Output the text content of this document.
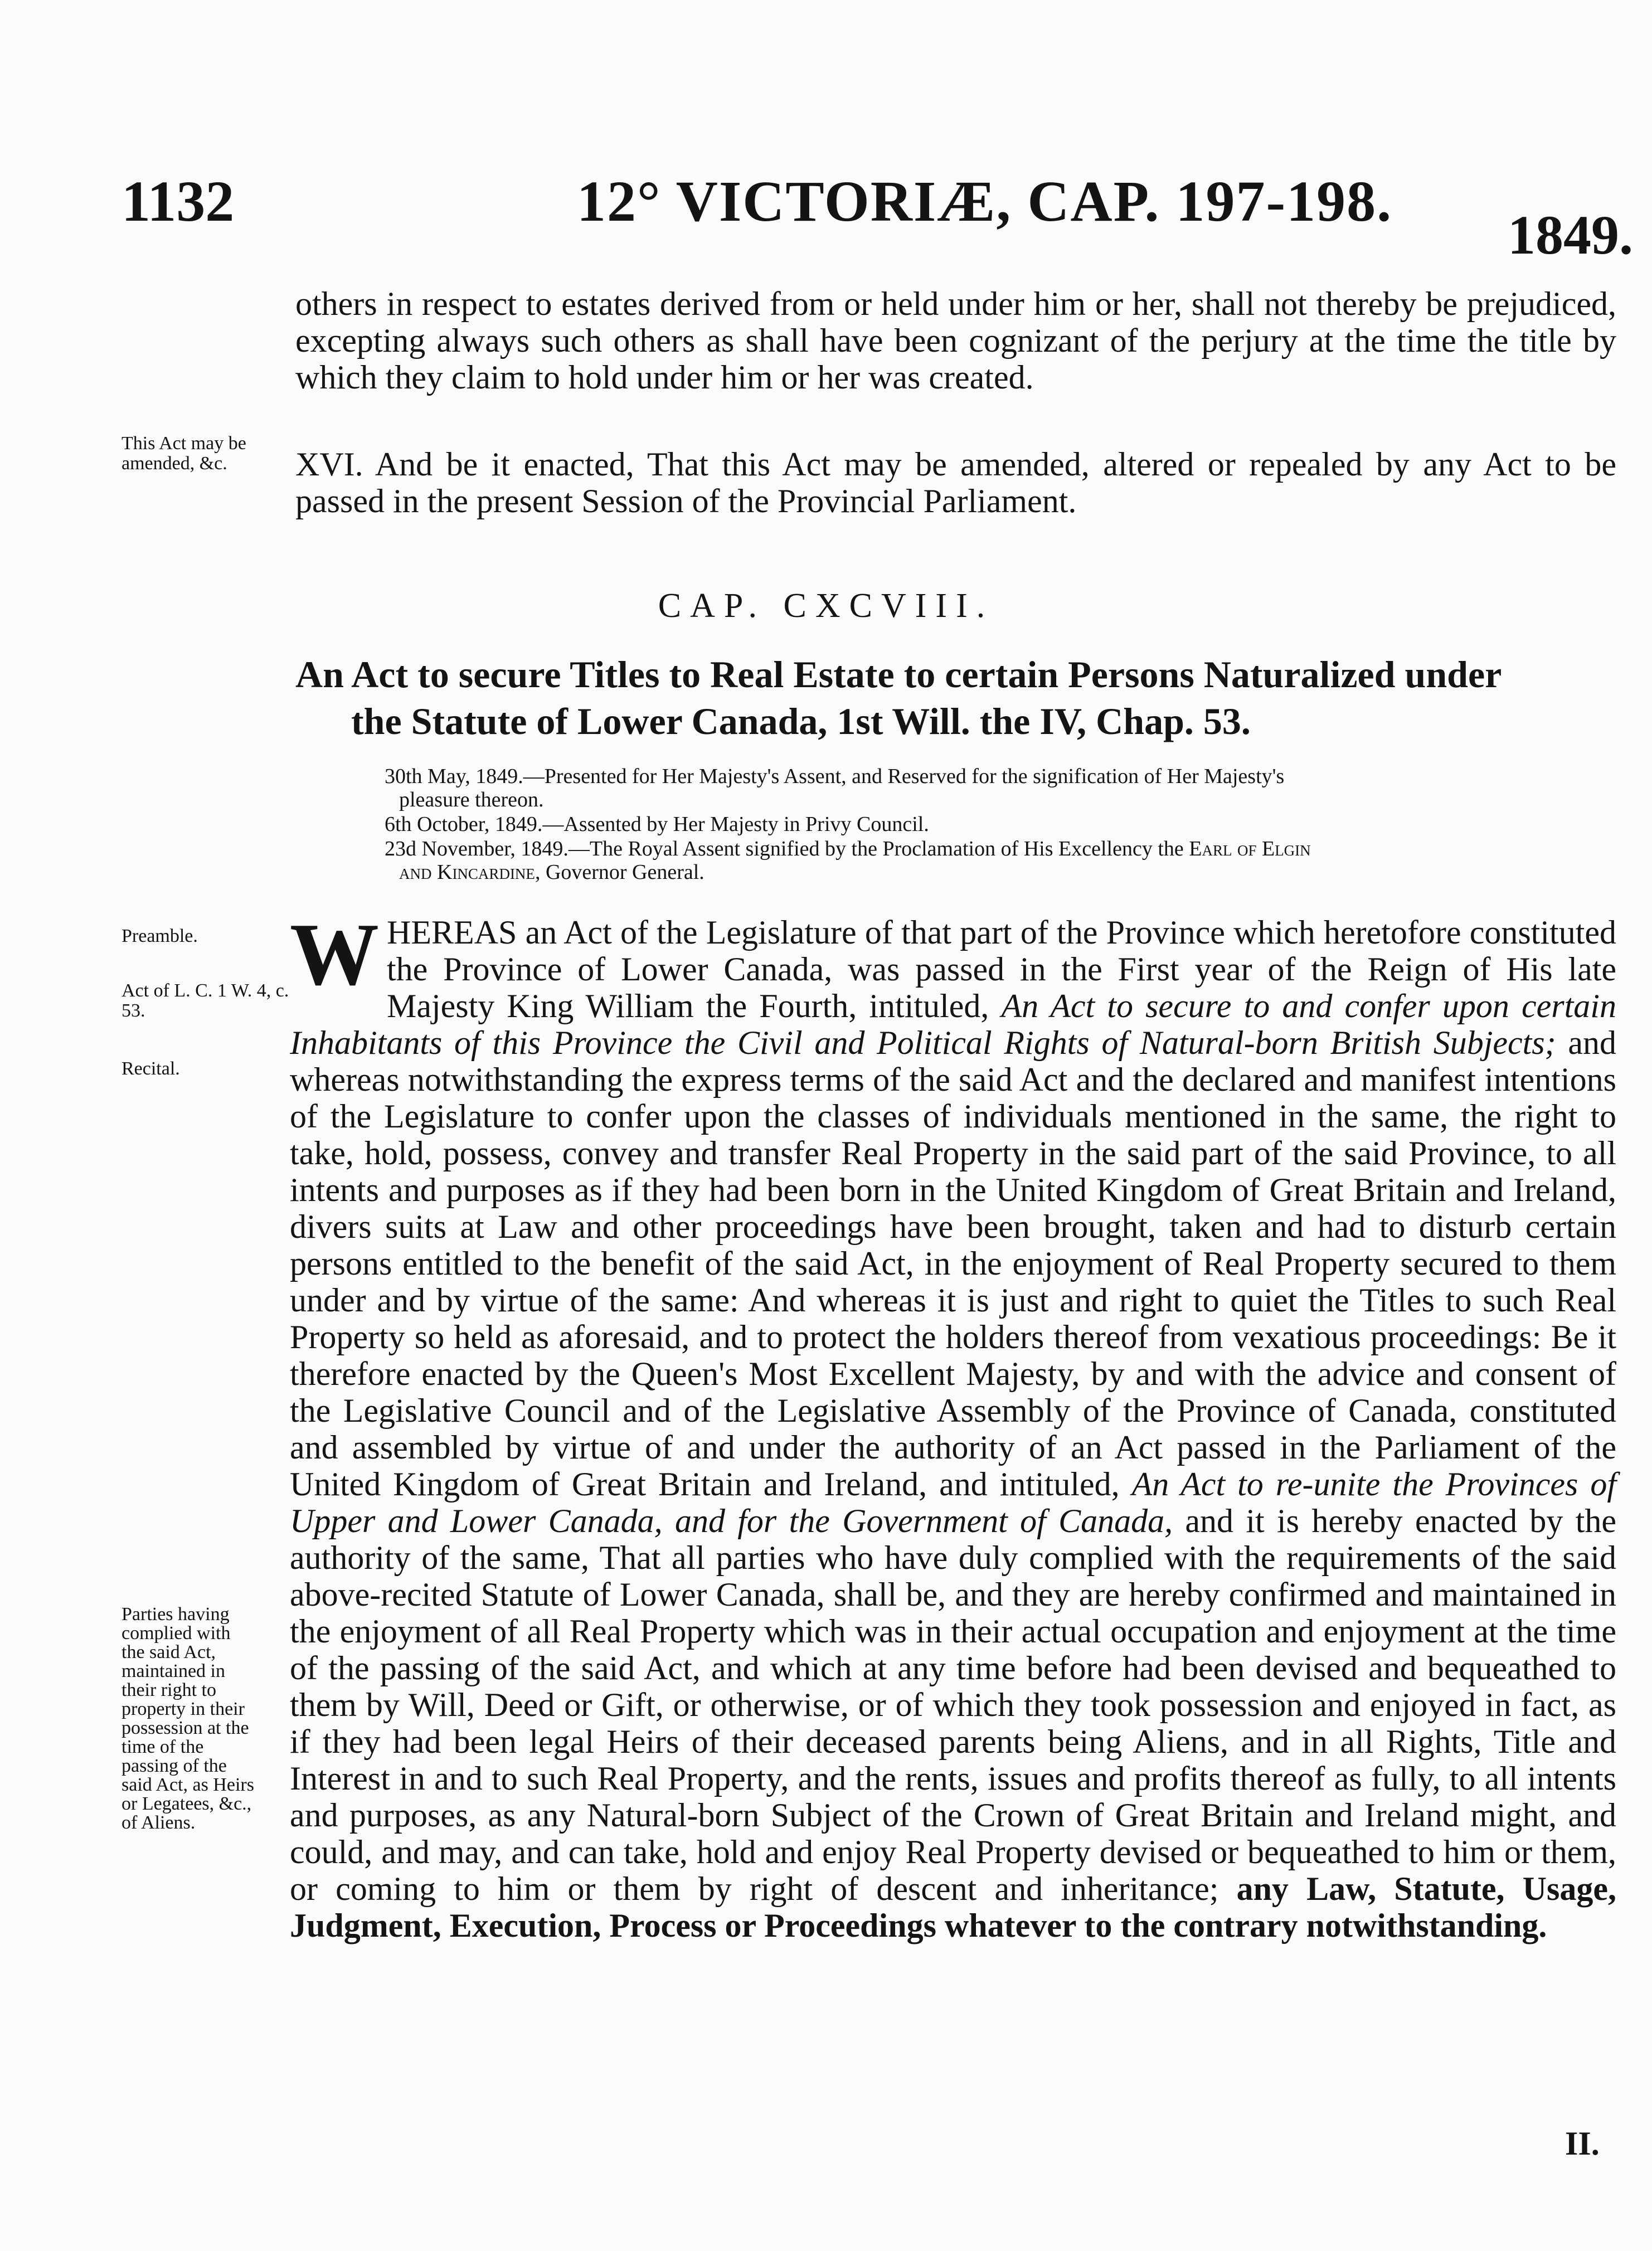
1132	12° VICTORIÆ, CAP. 197-198.
1849.
others in respect to estates derived from or held under him or her, shall not thereby be prejudiced, excepting always such others as shall have been cognizant of the perjury at the time the title by which they claim to hold under him or her was created.
This Act may be amended, &c.	XVI. And be it enacted, That this Act may be amended, altered or repealed by any Act to be passed in the present Session of the Provincial Parliament.
CAP. CXCVIII.
An Act to secure Titles to Real Estate to certain Persons Naturalized under
the Statute of Lower Canada, 1st Will. the IV, Chap. 53.
30th May, 1849.—Presented for Her Majesty's Assent, and Reserved for the signification of Her Majesty's
pleasure thereon.
6th October, 1849.—Assented by Her Majesty in Privy Council.
23d November, 1849.—The Royal Assent signified by the Proclamation of His Excellency the Earl of Elgin
and Kincardine, Governor General.
Preamble.
Act of L. C. 1 W. 4, c. 53.
Recital.
Parties having complied with the said Act, maintained in their right to property in their possession at the time of the passing of the said Act, as Heirs or Legatees, &c., of Aliens.
WHEREAS an Act of the Legislature of that part of the Province which heretofore constituted the Province of Lower Canada, was passed in the First year of the Reign of His late Majesty King William the Fourth, intituled, An Act to secure to and confer upon certain Inhabitants of this Province the Civil and Political Rights of Natural-born British Subjects; and whereas notwithstanding the express terms of the said Act and the declared and manifest intentions of the Legislature to confer upon the classes of individuals mentioned in the same, the right to take, hold, possess, convey and transfer Real Property in the said part of the said Province, to all intents and purposes as if they had been born in the United Kingdom of Great Britain and Ireland, divers suits at Law and other proceedings have been brought, taken and had to disturb certain persons entitled to the benefit of the said Act, in the enjoyment of Real Property secured to them under and by virtue of the same: And whereas it is just and right to quiet the Titles to such Real Property so held as aforesaid, and to protect the holders thereof from vexatious proceedings: Be it therefore enacted by the Queen's Most Excellent Majesty, by and with the advice and consent of the Legislative Council and of the Legislative Assembly of the Province of Canada, constituted and assembled by virtue of and under the authority of an Act passed in the Parliament of the United Kingdom of Great Britain and Ireland, and intituled, An Act to re-unite the Provinces of Upper and Lower Canada, and for the Government of Canada, and it is hereby enacted by the authority of the same, That all parties who have duly complied with the requirements of the said above-recited Statute of Lower Canada, shall be, and they are hereby confirmed and maintained in the enjoyment of all Real Property which was in their actual occupation and enjoyment at the time of the passing of the said Act, and which at any time before had been devised and bequeathed to them by Will, Deed or Gift, or otherwise, or of which they took possession and enjoyed in fact, as if they had been legal Heirs of their deceased parents being Aliens, and in all Rights, Title and Interest in and to such Real Property, and the rents, issues and profits thereof as fully, to all intents and purposes, as any Natural-born Subject of the Crown of Great Britain and Ireland might, and could, and may, and can take, hold and enjoy Real Property devised or bequeathed to him or them, or coming to him or them by right of descent and inheritance; any Law, Statute, Usage, Judgment, Execution, Process or Proceedings whatever to the contrary notwithstanding.
II.
